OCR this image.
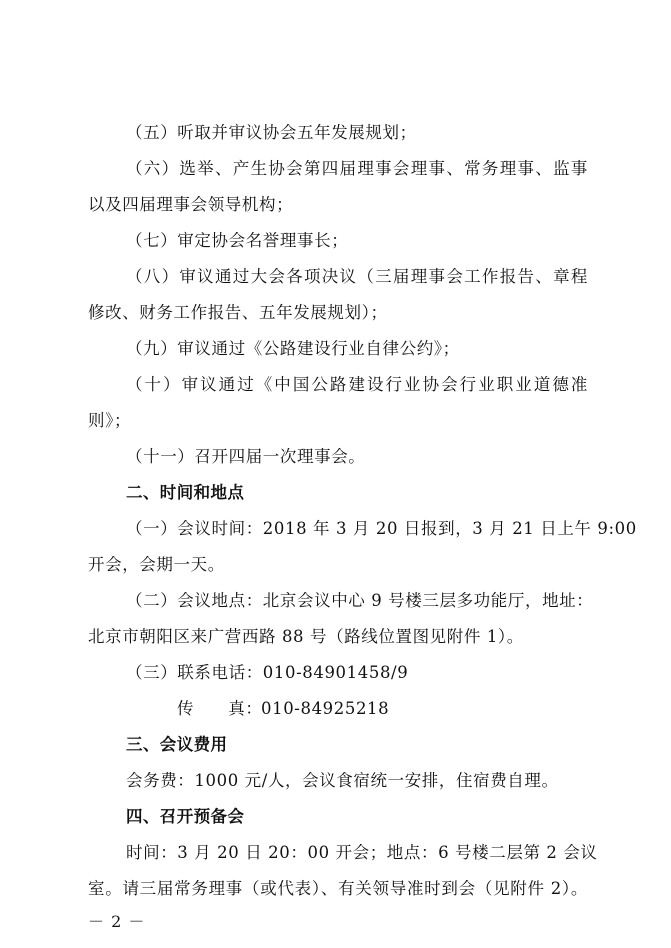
（五）听取并审议协会五年发展规划；
（六）选举、产生协会第四届理事会理事、常务理事、监事
以及四届理事会领导机构；
（七）审定协会名誉理事长；
（八）审议通过大会各项决议（三届理事会工作报告、章程
修改、财务工作报告、五年发展规划）；
（九）审议通过《公路建设行业自律公约》；
（十）审议通过《中国公路建设行业协会行业职业道德准
则》；
（十一）召开四届一次理事会。
二、时间和地点
（一）会议时间：2018 年 3 月 20 日报到，3 月 21 日上午 9:00
开会，会期一天。
（二）会议地点：北京会议中心 9 号楼三层多功能厅，地址：
北京市朝阳区来广营西路 88 号（路线位置图见附件 1）。
（三）联系电话：010-84901458/9
传　　真：010-84925218
三、会议费用
会务费：1000 元/人，会议食宿统一安排，住宿费自理。
四、召开预备会
时间：3 月 20 日 20：00 开会；地点：6 号楼二层第 2 会议
室。请三届常务理事（或代表）、有关领导准时到会（见附件 2）。
－ 2 －
